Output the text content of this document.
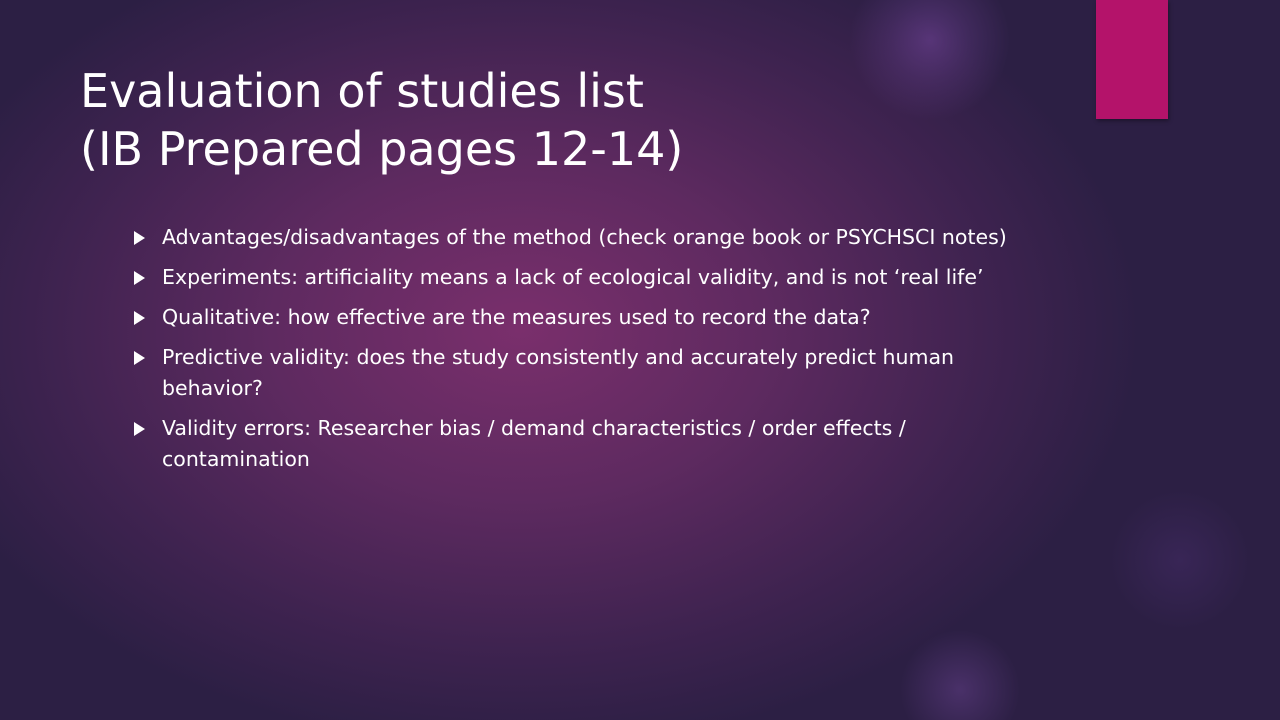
Evaluation of studies list
(IB Prepared pages 12-14)
Advantages/disadvantages of the method (check orange book or PSYCHSCI notes)
Experiments: artificiality means a lack of ecological validity, and is not ‘real life’
Qualitative: how effective are the measures used to record the data?
Predictive validity: does the study consistently and accurately predict human behavior?
Validity errors: Researcher bias / demand characteristics / order effects / contamination
